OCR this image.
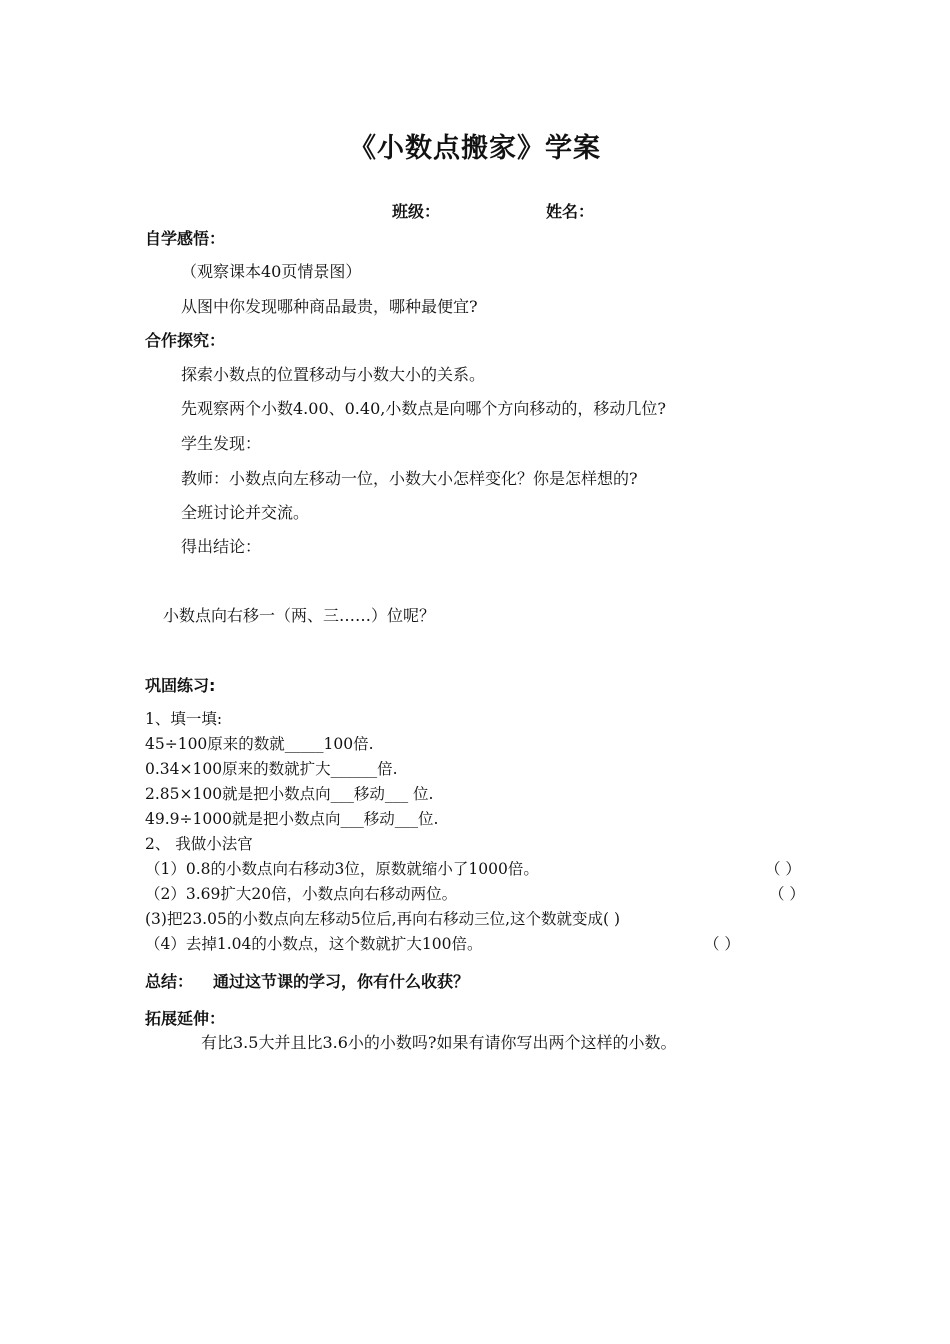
《小数点搬家》学案
班级：	姓名：
自学感悟：
（观察课本40页情景图）
从图中你发现哪种商品最贵，哪种最便宜?
合作探究：
探索小数点的位置移动与小数大小的关系。
先观察两个小数4.00、0.40,小数点是向哪个方向移动的，移动几位?
学生发现：
教师：小数点向左移动一位，小数大小怎样变化？你是怎样想的?
全班讨论并交流。
得出结论：
小数点向右移一（两、三……）位呢？
巩固练习:
1、填一填:
45÷100原来的数就_____100倍.
0.34×100原来的数就扩大______倍.
2.85×100就是把小数点向___移动___ 位.
49.9÷1000就是把小数点向___移动___位.
2、 我做小法官
（1）0.8的小数点向右移动3位，原数就缩小了1000倍。	（ ）
（2）3.69扩大20倍，小数点向右移动两位。	（ ）
(3)把23.05的小数点向左移动5位后,再向右移动三位,这个数就变成( )
（4）去掉1.04的小数点，这个数就扩大100倍。	（ ）
总结： 通过这节课的学习，你有什么收获？
拓展延伸：
有比3.5大并且比3.6小的小数吗?如果有请你写出两个这样的小数。
